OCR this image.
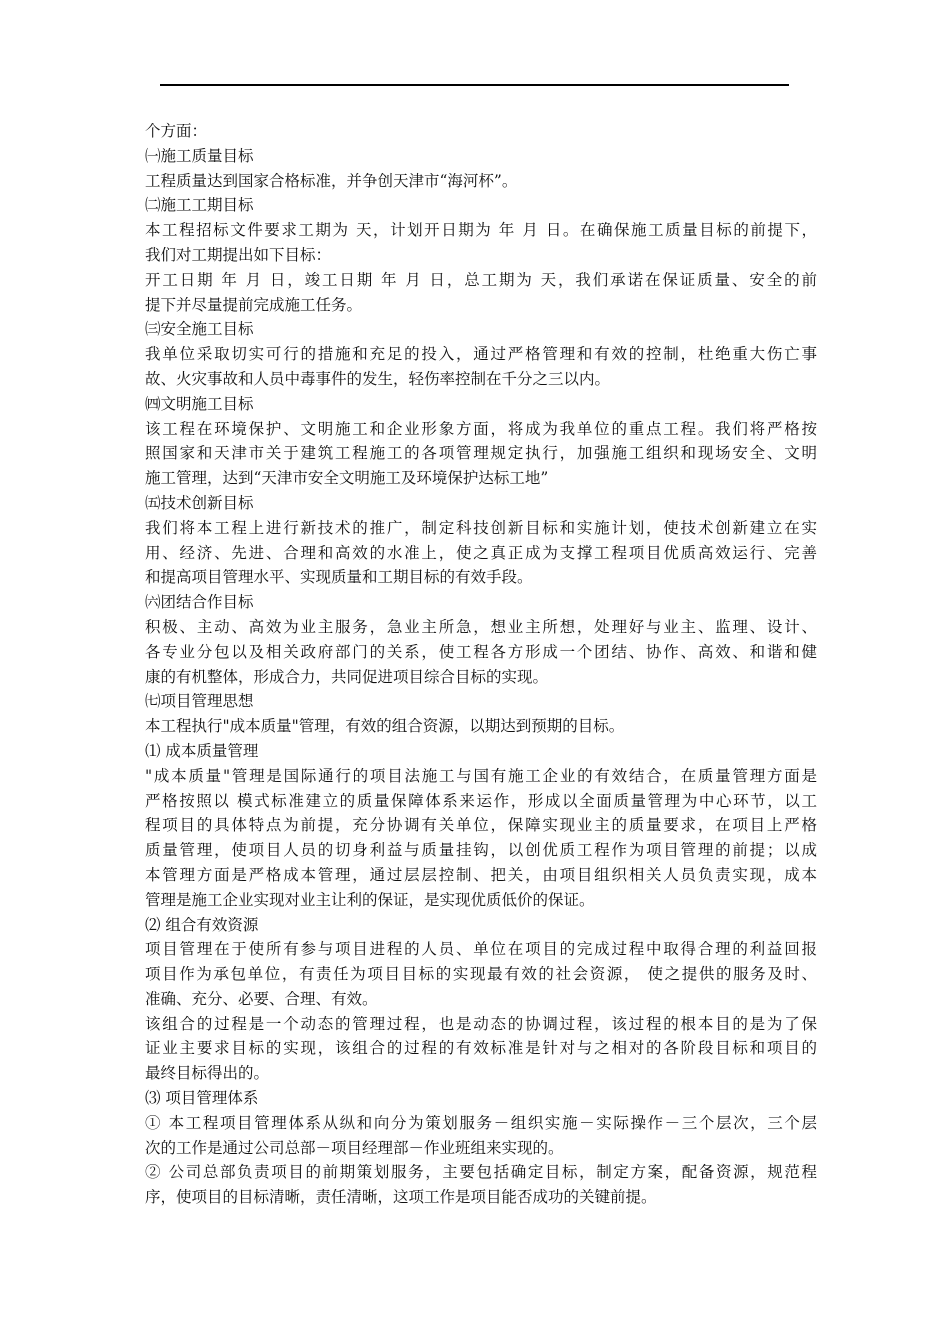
个方面：
㈠施工质量目标
工程质量达到国家合格标准，并争创天津市“海河杯”。
㈡施工工期目标
本工程招标文件要求工期为 天，计划开日期为 年 月 日。在确保施工质量目标的前提下，
我们对工期提出如下目标：
开工日期 年 月 日，竣工日期 年 月 日，总工期为 天，我们承诺在保证质量、安全的前
提下并尽量提前完成施工任务。
㈢安全施工目标
我单位采取切实可行的措施和充足的投入，通过严格管理和有效的控制，杜绝重大伤亡事
故、火灾事故和人员中毒事件的发生，轻伤率控制在千分之三以内。
㈣文明施工目标
该工程在环境保护、文明施工和企业形象方面，将成为我单位的重点工程。我们将严格按
照国家和天津市关于建筑工程施工的各项管理规定执行，加强施工组织和现场安全、文明
施工管理，达到“天津市安全文明施工及环境保护达标工地”
㈤技术创新目标
我们将本工程上进行新技术的推广，制定科技创新目标和实施计划，使技术创新建立在实
用、经济、先进、合理和高效的水准上，使之真正成为支撑工程项目优质高效运行、完善
和提高项目管理水平、实现质量和工期目标的有效手段。
㈥团结合作目标
积极、主动、高效为业主服务，急业主所急，想业主所想，处理好与业主、监理、设计、
各专业分包以及相关政府部门的关系，使工程各方形成一个团结、协作、高效、和谐和健
康的有机整体，形成合力，共同促进项目综合目标的实现。
㈦项目管理思想
本工程执行"成本质量"管理，有效的组合资源，以期达到预期的目标。
⑴ 成本质量管理
"成本质量"管理是国际通行的项目法施工与国有施工企业的有效结合，在质量管理方面是
严格按照以 模式标准建立的质量保障体系来运作，形成以全面质量管理为中心环节，以工
程项目的具体特点为前提，充分协调有关单位，保障实现业主的质量要求，在项目上严格
质量管理，使项目人员的切身利益与质量挂钩，以创优质工程作为项目管理的前提；以成
本管理方面是严格成本管理，通过层层控制、把关，由项目组织相关人员负责实现，成本
管理是施工企业实现对业主让利的保证，是实现优质低价的保证。
⑵ 组合有效资源
项目管理在于使所有参与项目进程的人员、单位在项目的完成过程中取得合理的利益回报
项目作为承包单位，有责任为项目目标的实现最有效的社会资源， 使之提供的服务及时、
准确、充分、必要、合理、有效。
该组合的过程是一个动态的管理过程，也是动态的协调过程，该过程的根本目的是为了保
证业主要求目标的实现，该组合的过程的有效标准是针对与之相对的各阶段目标和项目的
最终目标得出的。
⑶ 项目管理体系
① 本工程项目管理体系从纵和向分为策划服务－组织实施－实际操作－三个层次，三个层
次的工作是通过公司总部－项目经理部－作业班组来实现的。
② 公司总部负责项目的前期策划服务，主要包括确定目标，制定方案，配备资源，规范程
序，使项目的目标清晰，责任清晰，这项工作是项目能否成功的关键前提。
